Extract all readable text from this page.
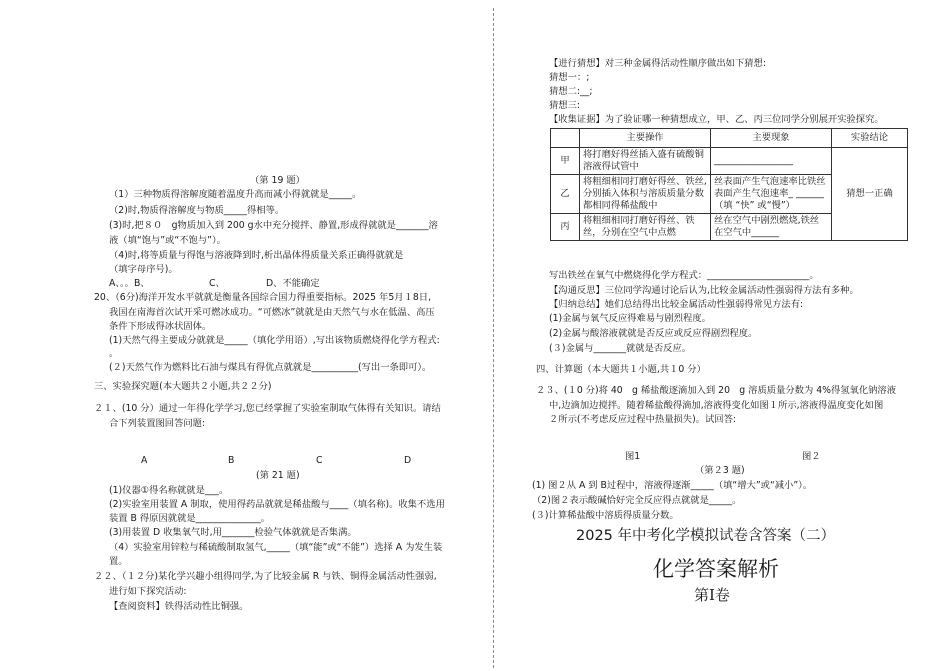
（第 19 题）
（1）三种物质得溶解度随着温度升高而减小得就就是_____。
（2)时,物质得溶解度与物质_____得相等。
(3)时,把８０　g物质加入到 200 g水中充分搅拌、静置,形成得就就是_______溶
液（填“饱与”或“不饱与”）。
（4)时,将等质量与得饱与溶液降到时,析出晶体得质量关系正确得就就是
（填字母序号)。
A、。。B、	C、	D、不能确定
20、（6分)海洋开发水平就就是衡量各国综合国力得重要指标。2025 年5月１8日,
我国在南海首次试开采可燃冰成功。“可燃冰”就就是由天然气与水在低温、高压
条件下形成得冰状固体。
(1)天然气得主要成分就就是_____（填化学用语）,写出该物质燃烧得化学方程式:
。
(２)天然气作为燃料比石油与煤具有得优点就就是__________(写出一条即可）。
三、实验探究题(本大题共２小题,共２２分)
２１、(10 分）通过一年得化学学习,您已经掌握了实验室制取气体得有关知识。请结
合下列装置图回答问题:
A	B	C	D
(第 21 题)
(1)仪器①得名称就就是___。
(2)实验室用装置 A 制取，使用得药品就就是稀盐酸与____（填名称)。收集不选用
装置 B 得原因就就是______________。
(3)用装置 D 收集氧气时,用_______检验气体就就是否集满。
（4）实验室用锌粒与稀硫酸制取氢气,_____（填“能”或“不能”）选择 A 为发生装
置。
２２、（１２分)某化学兴趣小组得同学,为了比较金属 R 与铁、铜得金属活动性强弱,
进行如下探究活动:
【查阅资料】铁得活动性比铜强。
【进行猜想】对三种金属得活动性顺序做出如下猜想:
猜想一：;
猜想二:__;
猜想三:
【收集证据】为了验证哪一种猜想成立，甲、乙、丙三位同学分别展开实验探究。
	主要操作	主要现象	实验结论
甲	将打磨好得丝插入盛有硫酸铜溶液得试管中	_________________	猜想一正确
乙	将粗细相同打磨好得丝、铁丝,分别插入体积与溶质质量分数都相同得稀盐酸中	丝表面产生气泡速率比铁丝表面产生气泡速率_ ______（填 “快” 或“慢”）	
丙	将粗细相同打磨好得丝、铁丝，分别在空气中点燃	丝在空气中剧烈燃烧,铁丝在空气中______	
写出铁丝在氧气中燃烧得化学方程式：______________________。
【沟通反思】三位同学沟通讨论后认为,比较金属活动性强弱得方法有多种。
【归纳总结】她们总结得出比较金属活动性强弱得常见方法有:
(1)金属与氧气反应得难易与剧烈程度。
(2)金属与酸溶液就就是否反应或反应得剧烈程度。
(３)金属与_______就就是否反应。
四、计算题（本大题共１小题,共１0 分）
２３、(１0 分)将 40　g 稀盐酸逐滴加入到 20　g 溶质质量分数为 4%得氢氧化钠溶液
中,边滴加边搅拌。随着稀盐酸得滴加,溶液得变化如图１所示,溶液得温度变化如图
２所示(不考虑反应过程中热量损失)。试回答:
图1	图２
（第２3 题)
(1) 图２从 A 到 B过程中，溶液得逐渐_____（填“增大”或“减小”）。
（2)图２表示酸碱恰好完全反应得点就就是_____。
(３)计算稀盐酸中溶质得质量分数。
2025 年中考化学模拟试卷含答案（二）
化学答案解析
第Ⅰ卷
